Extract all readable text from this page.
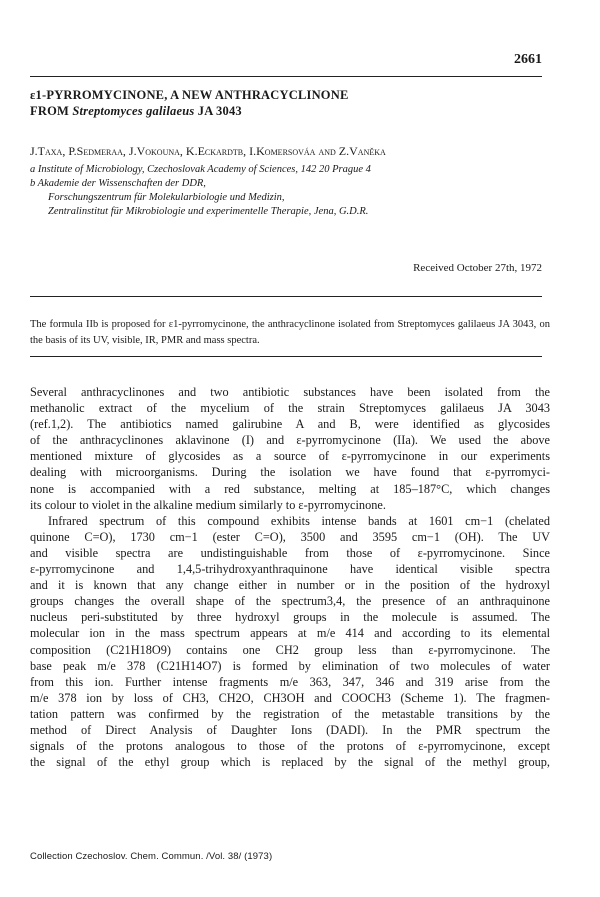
2661
ε1-PYRROMYCINONE, A NEW ANTHRACYCLINONE
FROM Streptomyces galilaeus JA 3043
J.Taxa, P.Sedmeraa, J.Vokouna, K.Eckardtb, I.Komersováa and Z.Vaněka
a Institute of Microbiology, Czechoslovak Academy of Sciences, 142 20 Prague 4
b Akademie der Wissenschaften der DDR,
Forschungszentrum für Molekularbiologie und Medizin,
Zentralinstitut für Mikrobiologie und experimentelle Therapie, Jena, G.D.R.
Received October 27th, 1972
The formula IIb is proposed for ε1-pyrromycinone, the anthracyclinone isolated from Streptomyces galilaeus JA 3043, on the basis of its UV, visible, IR, PMR and mass spectra.
Several anthracyclinones and two antibiotic substances have been isolated from the
methanolic extract of the mycelium of the strain Streptomyces galilaeus JA 3043
(ref.1,2). The antibiotics named galirubine A and B, were identified as glycosides
of the anthracyclinones aklavinone (I) and ε-pyrromycinone (IIa). We used the above
mentioned mixture of glycosides as a source of ε-pyrromycinone in our experiments
dealing with microorganisms. During the isolation we have found that ε-pyrromyci-
none is accompanied with a red substance, melting at 185–187°C, which changes
its colour to violet in the alkaline medium similarly to ε-pyrromycinone.
Infrared spectrum of this compound exhibits intense bands at 1601 cm−1 (chelated
quinone C=O), 1730 cm−1 (ester C=O), 3500 and 3595 cm−1 (OH). The UV
and visible spectra are undistinguishable from those of ε-pyrromycinone. Since
ε-pyrromycinone and 1,4,5-trihydroxyanthraquinone have identical visible spectra
and it is known that any change either in number or in the position of the hydroxyl
groups changes the overall shape of the spectrum3,4, the presence of an anthraquinone
nucleus peri-substituted by three hydroxyl groups in the molecule is assumed. The
molecular ion in the mass spectrum appears at m/e 414 and according to its elemental
composition (C21H18O9) contains one CH2 group less than ε-pyrromycinone. The
base peak m/e 378 (C21H14O7) is formed by elimination of two molecules of water
from this ion. Further intense fragments m/e 363, 347, 346 and 319 arise from the
m/e 378 ion by loss of CH3, CH2O, CH3OH and COOCH3 (Scheme 1). The fragmen-
tation pattern was confirmed by the registration of the metastable transitions by the
method of Direct Analysis of Daughter Ions (DADI). In the PMR spectrum the
signals of the protons analogous to those of the protons of ε-pyrromycinone, except
the signal of the ethyl group which is replaced by the signal of the methyl group,
Collection Czechoslov. Chem. Commun. /Vol. 38/ (1973)
